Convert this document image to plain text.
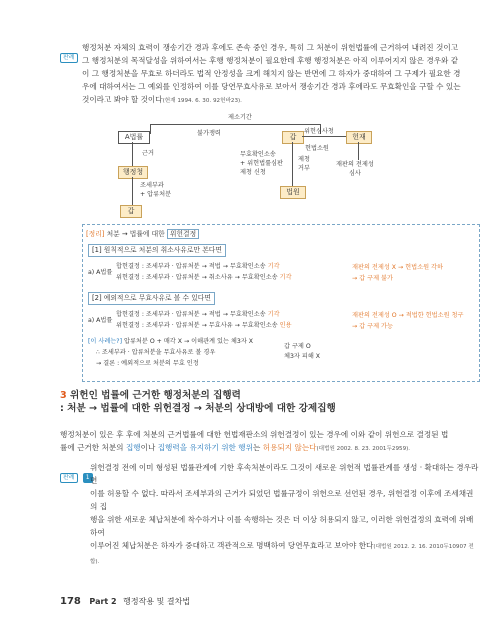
판례
행정처분 자체의 효력이 쟁송기간 경과 후에도 존속 중인 경우, 특히 그 처분이 위헌법률에 근거하여 내려진 것이고
그 행정처분의 목적달성을 위하여서는 후행 행정처분이 필요한데 후행 행정처분은 아직 이루어지지 않은 경우와 같
이 그 행정처분을 무효로 하더라도 법적 안정성을 크게 해치지 않는 반면에 그 하자가 중대하여 그 구제가 필요한 경
우에 대하여서는 그 예외를 인정하여 이를 당연무효사유로 보아서 쟁송기간 경과 후에라도 무효확인을 구할 수 있는
것이라고 봐야 할 것이다(헌재 1994. 6. 30. 92헌바23).
제소기간
A법률	불가쟁력	갑
위헌심사청
헌재
헌법소원
근거
행정청
조세부과
+ 압류처분
갑
무효확인소송
+ 위헌법률심판
제청 신청
제청
거부
법원
재판의 전제성
심사
[정리] 처분 → 법률에 대한 위헌결정
[1] 원칙적으로 처분의 취소사유로만 본다면
a) A법률
합헌결정 : 조세부과 · 압류처분 → 적법 → 무효확인소송 기각
위헌결정 : 조세부과 · 압류처분 → 취소사유 → 무효확인소송 기각
재판의 전제성 X → 헌법소원 각하
→ 갑 구제 불가
[2] 예외적으로 무효사유로 볼 수 있다면
a) A법률
합헌결정 : 조세부과 · 압류처분 → 적법 → 무효확인소송 기각
위헌결정 : 조세부과 · 압류처분 → 무효사유 → 무효확인소송 인용
재판의 전제성 O → 적법한 헌법소원 청구
→ 갑 구제 가능
[이 사례는?] 압류처분 O + 매각 X → 이해관계 있는 체3자 X
∴ 조세부과 · 압류처분을 무효사유로 볼 경우
→ 결론 : 예외적으로 처분의 무효 인정
갑 구제 O
체3자 피해 X
3 위헌인 법률에 근거한 행정처분의 집행력
: 처분 → 법률에 대한 위헌결정 → 처분의 상대방에 대한 강제집행
행정처분이 있은 후 후에 처분의 근거법률에 대한 헌법재판소의 위헌결정이 있는 경우에 이와 같이 위헌으로 결정된 법
률에 근거한 처분의 집행이나 집행력을 유지하기 위한 행위는 허용되지 않는다(대법원 2002. 8. 23. 2001두2959).
판례 1
위헌결정 전에 이미 형성된 법률관계에 기한 후속처분이라도 그것이 새로운 위헌적 법률관계를 생성 · 확대하는 경우라면
이를 허용할 수 없다. 따라서 조세부과의 근거가 되었던 법률규정이 위헌으로 선언된 경우, 위헌결정 이후에 조세채권의 집
행을 위한 새로운 체납처분에 착수하거나 이를 속행하는 것은 더 이상 허용되지 않고, 이러한 위헌결정의 효력에 위배하여
이루어진 체납처분은 하자가 중대하고 객관적으로 명백하여 당연무효라고 보아야 한다(대법원 2012. 2. 16. 2010두10907 전합).
178 Part 2 행정작용 및 결차법
